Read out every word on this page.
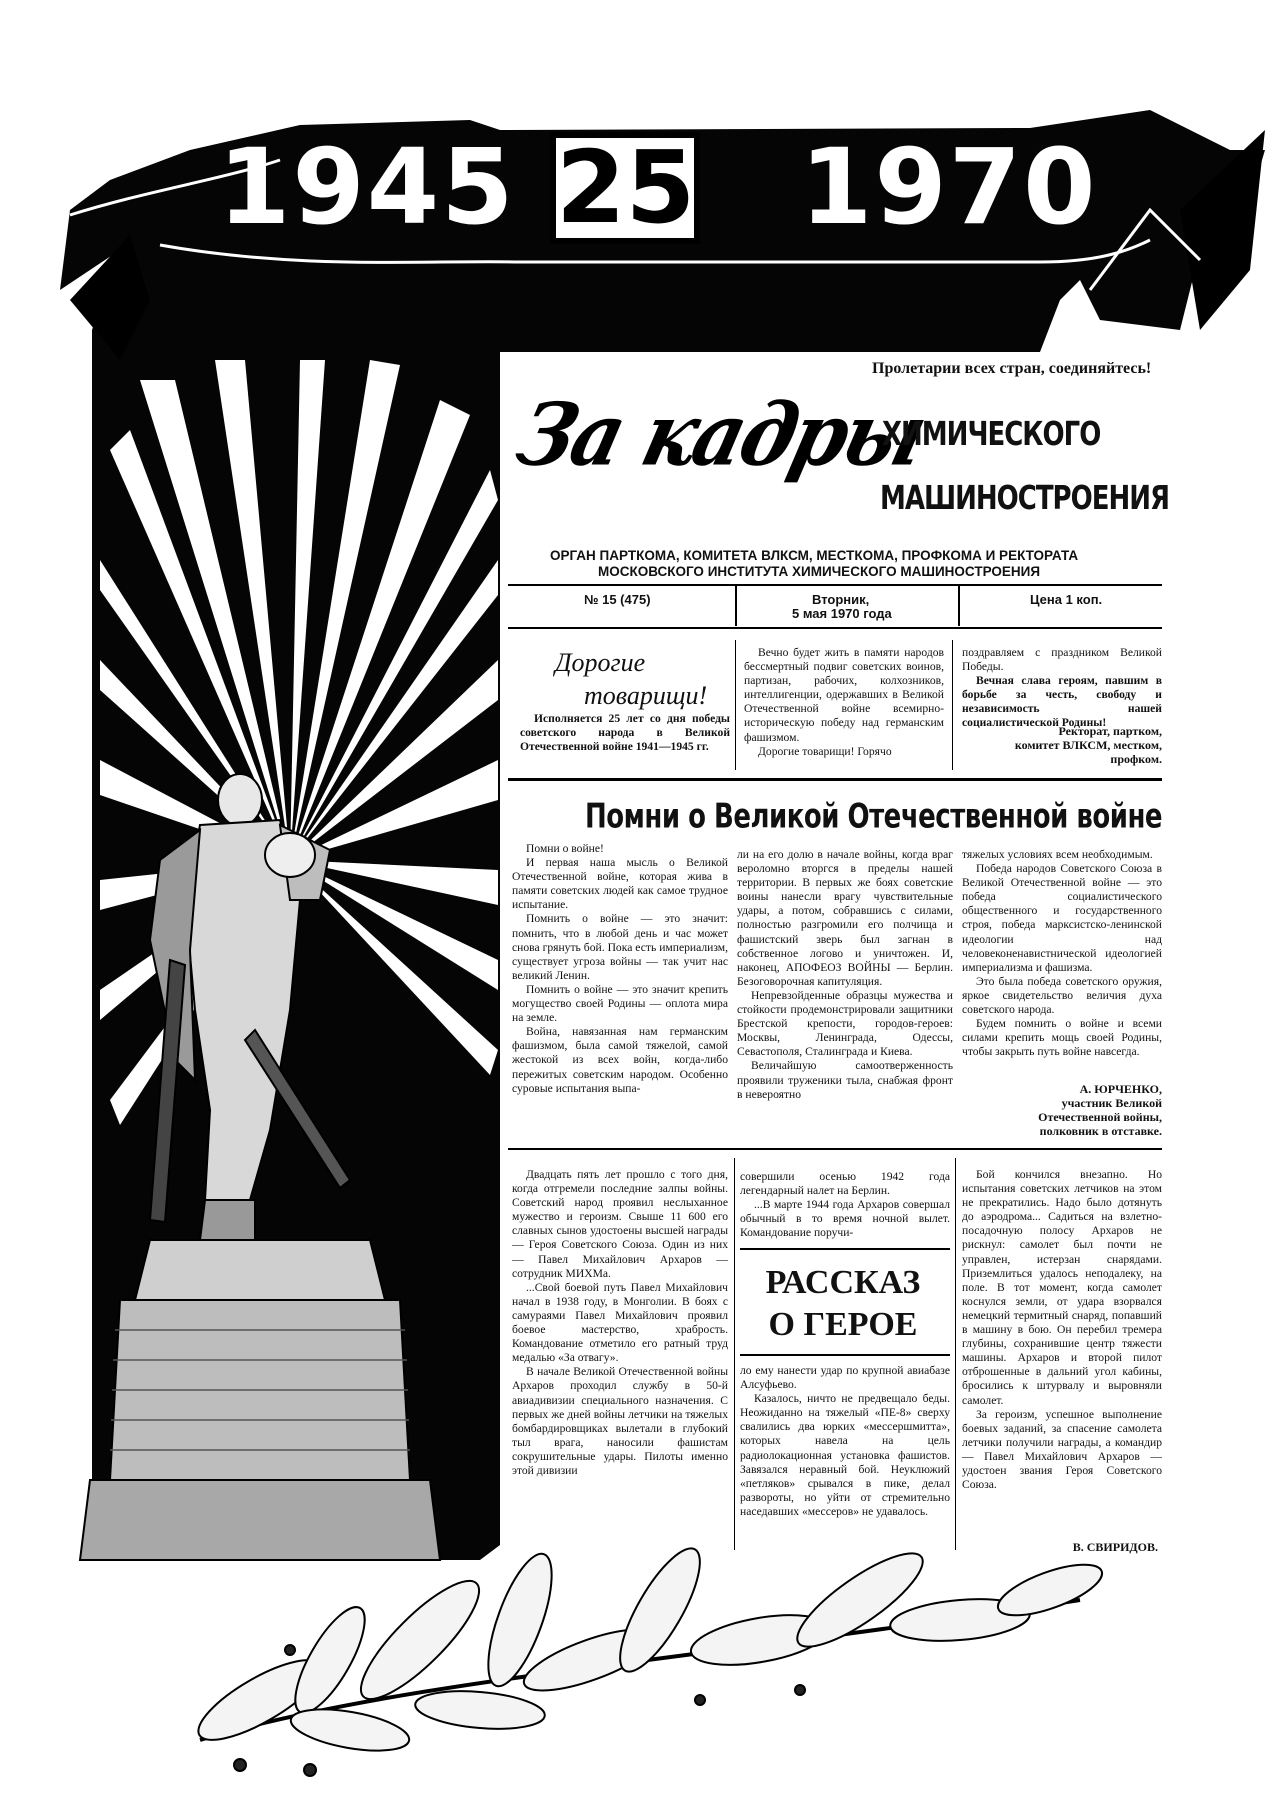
1945 25 1970
Пролетарии всех стран, соединяйтесь!
За кадры
ХИМИЧЕСКОГО
МАШИНОСТРОЕНИЯ
ОРГАН ПАРТКОМА, КОМИТЕТА ВЛКСМ, МЕСТКОМА, ПРОФКОМА И РЕКТОРАТА
МОСКОВСКОГО ИНСТИТУТА ХИМИЧЕСКОГО МАШИНОСТРОЕНИЯ
№ 15 (475)	Вторник,
5 мая 1970 года
Цена 1 коп.
Дорогие
товарищи!

Исполняется 25 лет со дня победы советского народа в Великой Отечественной войне 1941—1945 гг.

Вечно будет жить в памяти народов бессмертный подвиг советских воинов, партизан, рабочих, колхозников, интеллигенции, одержавших в Великой Отечественной войне всемирно-историческую победу над германским фашизмом.

Дорогие товарищи! Горячо

поздравляем с праздником Великой Победы.

Вечная слава героям, павшим в борьбе за честь, свободу и независимость нашей социалистической Родины!

Ректорат, партком,
комитет ВЛКСМ, местком,
профком.
Помни о Великой Отечественной войне

Помни о войне!

И первая наша мысль о Великой Отечественной войне, которая жива в памяти советских людей как самое трудное испытание.

Помнить о войне — это значит: помнить, что в любой день и час может снова грянуть бой. Пока есть империализм, существует угроза войны — так учит нас великий Ленин.

Помнить о войне — это значит крепить могущество своей Родины — оплота мира на земле.

Война, навязанная нам германским фашизмом, была самой тяжелой, самой жестокой из всех войн, когда-либо пережитых советским народом. Особенно суровые испытания выпа-

ли на его долю в начале войны, когда враг вероломно вторгся в пределы нашей территории. В первых же боях советские воины нанесли врагу чувствительные удары, а потом, собравшись с силами, полностью разгромили его полчища и фашистский зверь был загнан в собственное логово и уничтожен. И, наконец, АПОФЕОЗ ВОЙНЫ — Берлин. Безоговорочная капитуляция.

Непревзойденные образцы мужества и стойкости продемонстрировали защитники Брестской крепости, городов-героев: Москвы, Ленинграда, Одессы, Севастополя, Сталинграда и Киева.

Величайшую самоотверженность проявили труженики тыла, снабжая фронт в невероятно

тяжелых условиях всем необходимым.

Победа народов Советского Союза в Великой Отечественной войне — это победа социалистического общественного и государственного строя, победа марксистско-ленинской идеологии над человеконенавистнической идеологией империализма и фашизма.

Это была победа советского оружия, яркое свидетельство величия духа советского народа.

Будем помнить о войне и всеми силами крепить мощь своей Родины, чтобы закрыть путь войне навсегда.

А. ЮРЧЕНКО,
участник Великой
Отечественной войны,
полковник в отставке.

Двадцать пять лет прошло с того дня, когда отгремели последние залпы войны. Советский народ проявил неслыханное мужество и героизм. Свыше 11 600 его славных сынов удостоены высшей награды — Героя Советского Союза. Один из них — Павел Михайлович Архаров — сотрудник МИХМа.

...Свой боевой путь Павел Михайлович начал в 1938 году, в Монголии. В боях с самураями Павел Михайлович проявил боевое мастерство, храбрость. Командование отметило его ратный труд медалью «За отвагу».

В начале Великой Отечественной войны Архаров проходил службу в 50-й авиадивизии специального назначения. С первых же дней войны летчики на тяжелых бомбардировщиках вылетали в глубокий тыл врага, наносили фашистам сокрушительные удары. Пилоты именно этой дивизии

совершили осенью 1942 года легендарный налет на Берлин.

...В марте 1944 года Архаров совершал обычный в то время ночной вылет. Командование поручи-

РАССКАЗ
О ГЕРОЕ

ло ему нанести удар по крупной авиабазе Алсуфьево.

Казалось, ничто не предвещало беды. Неожиданно на тяжелый «ПЕ-8» сверху свалились два юрких «мессершмитта», которых навела на цель радиолокационная установка фашистов. Завязался неравный бой. Неуклюжий «петляков» срывался в пике, делал развороты, но уйти от стремительно наседавших «мессеров» не удавалось.

Бой кончился внезапно. Но испытания советских летчиков на этом не прекратились. Надо было дотянуть до аэродрома... Садиться на взлетно-посадочную полосу Архаров не рискнул: самолет был почти не управлен, истерзан снарядами. Приземлиться удалось неподалеку, на поле. В тот момент, когда самолет коснулся земли, от удара взорвался немецкий термитный снаряд, попавший в машину в бою. Он перебил тремера глубины, сохранившие центр тяжести машины. Архаров и второй пилот отброшенные в дальний угол кабины, бросились к штурвалу и выровняли самолет.

За героизм, успешное выполнение боевых заданий, за спасение самолета летчики получили награды, а командир — Павел Михайлович Архаров — удостоен звания Героя Советского Союза.

В. СВИРИДОВ.
